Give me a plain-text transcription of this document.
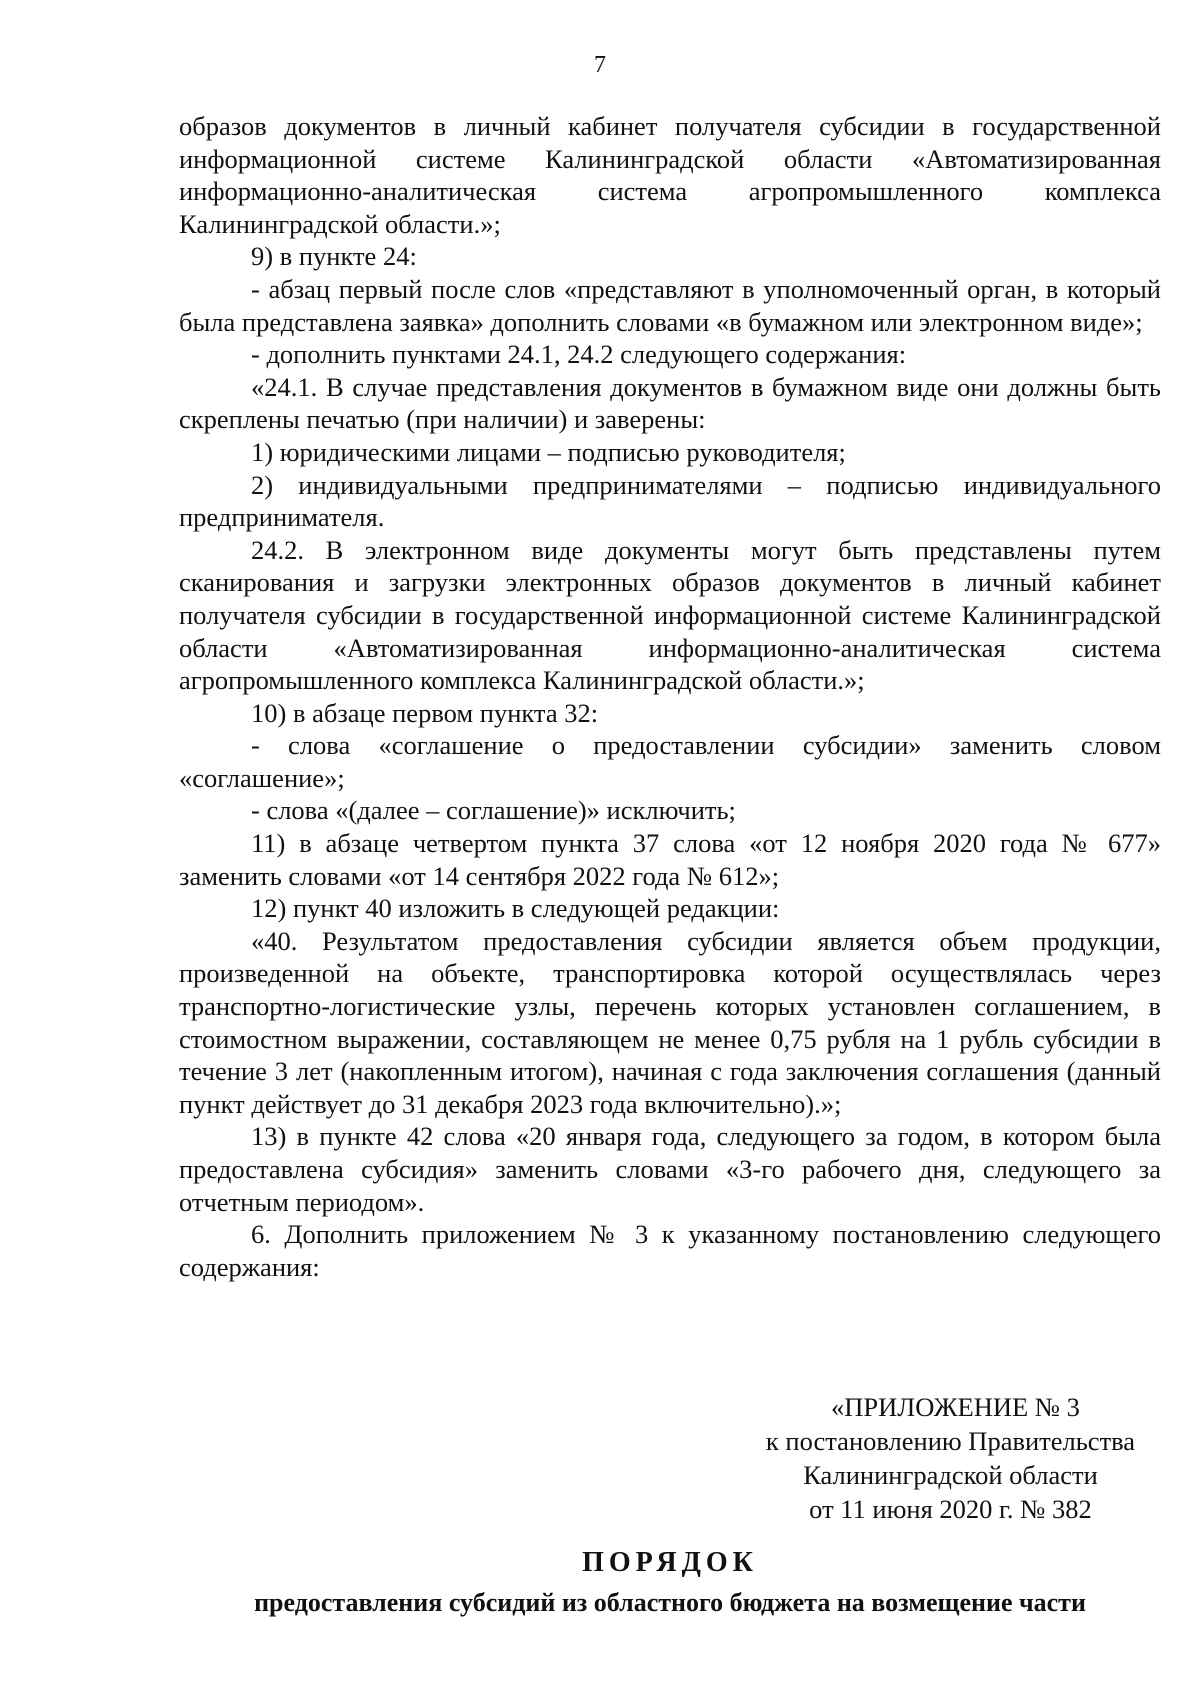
7

образов документов в личный кабинет получателя субсидии в государственной информационной системе Калининградской области «Автоматизированная информационно-аналитическая система агропромышленного комплекса Калининградской области.»;

9) в пункте 24:

- абзац первый после слов «представляют в уполномоченный орган, в который была представлена заявка» дополнить словами «в бумажном или электронном виде»;

- дополнить пунктами 24.1, 24.2 следующего содержания:

«24.1. В случае представления документов в бумажном виде они должны быть скреплены печатью (при наличии) и заверены:

1) юридическими лицами – подписью руководителя;

2) индивидуальными предпринимателями – подписью индивидуального предпринимателя.

24.2. В электронном виде документы могут быть представлены путем сканирования и загрузки электронных образов документов в личный кабинет получателя субсидии в государственной информационной системе Калининградской области «Автоматизированная информационно-аналитическая система агропромышленного комплекса Калининградской области.»;

10) в абзаце первом пункта 32:

- слова «соглашение о предоставлении субсидии» заменить словом «соглашение»;

- слова «(далее – соглашение)» исключить;

11) в абзаце четвертом пункта 37 слова «от 12 ноября 2020 года № 677» заменить словами «от 14 сентября 2022 года № 612»;

12) пункт 40 изложить в следующей редакции:

«40. Результатом предоставления субсидии является объем продукции, произведенной на объекте, транспортировка которой осуществлялась через транспортно-логистические узлы, перечень которых установлен соглашением, в стоимостном выражении, составляющем не менее 0,75 рубля на 1 рубль субсидии в течение 3 лет (накопленным итогом), начиная с года заключения соглашения (данный пункт действует до 31 декабря 2023 года включительно).»;

13) в пункте 42 слова «20 января года, следующего за годом, в котором была предоставлена субсидия» заменить словами «3-го рабочего дня, следующего за отчетным периодом».

6. Дополнить приложением № 3 к указанному постановлению следующего содержания:

«ПРИЛОЖЕНИЕ № 3
к постановлению Правительства
Калининградской области
от 11 июня 2020 г. № 382
ПОРЯДОК
предоставления субсидий из областного бюджета на возмещение части
